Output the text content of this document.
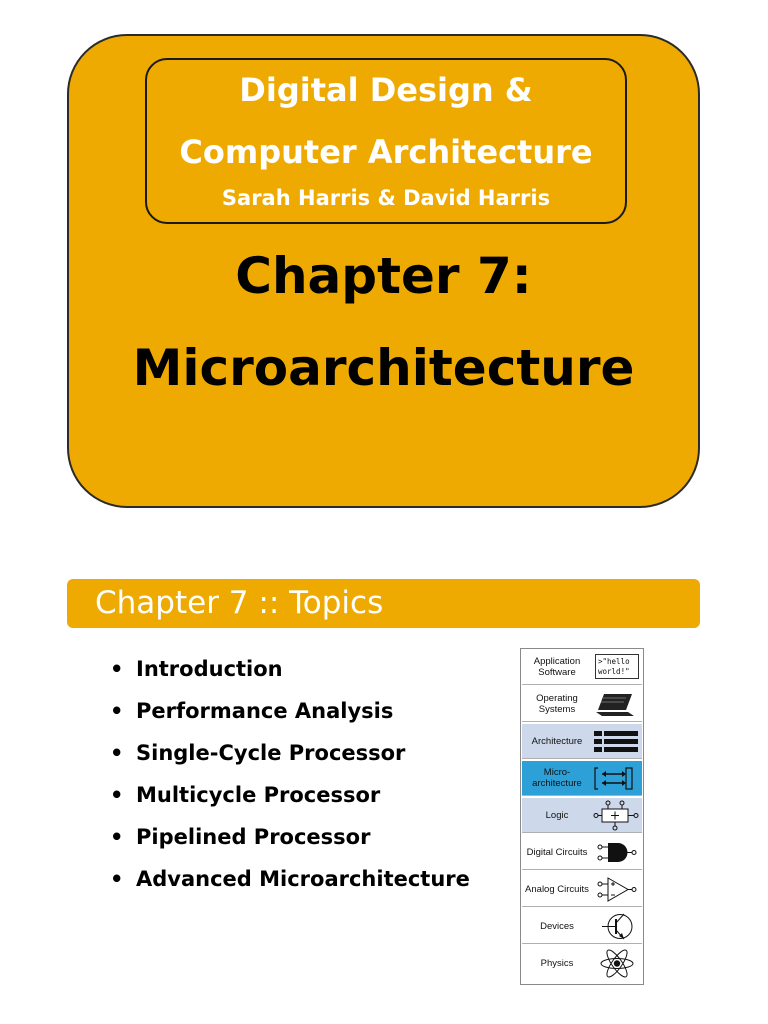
Digital Design &
Computer Architecture
Sarah Harris & David Harris
Chapter 7:
Microarchitecture
Chapter 7 :: Topics
• Introduction
• Performance Analysis
• Single-Cycle Processor
• Multicycle Processor
• Pipelined Processor
• Advanced Microarchitecture
Application Software
>"hello world!"
Operating Systems
Architecture
Micro-architecture
Logic
Digital Circuits
Analog Circuits
Devices
Physics
